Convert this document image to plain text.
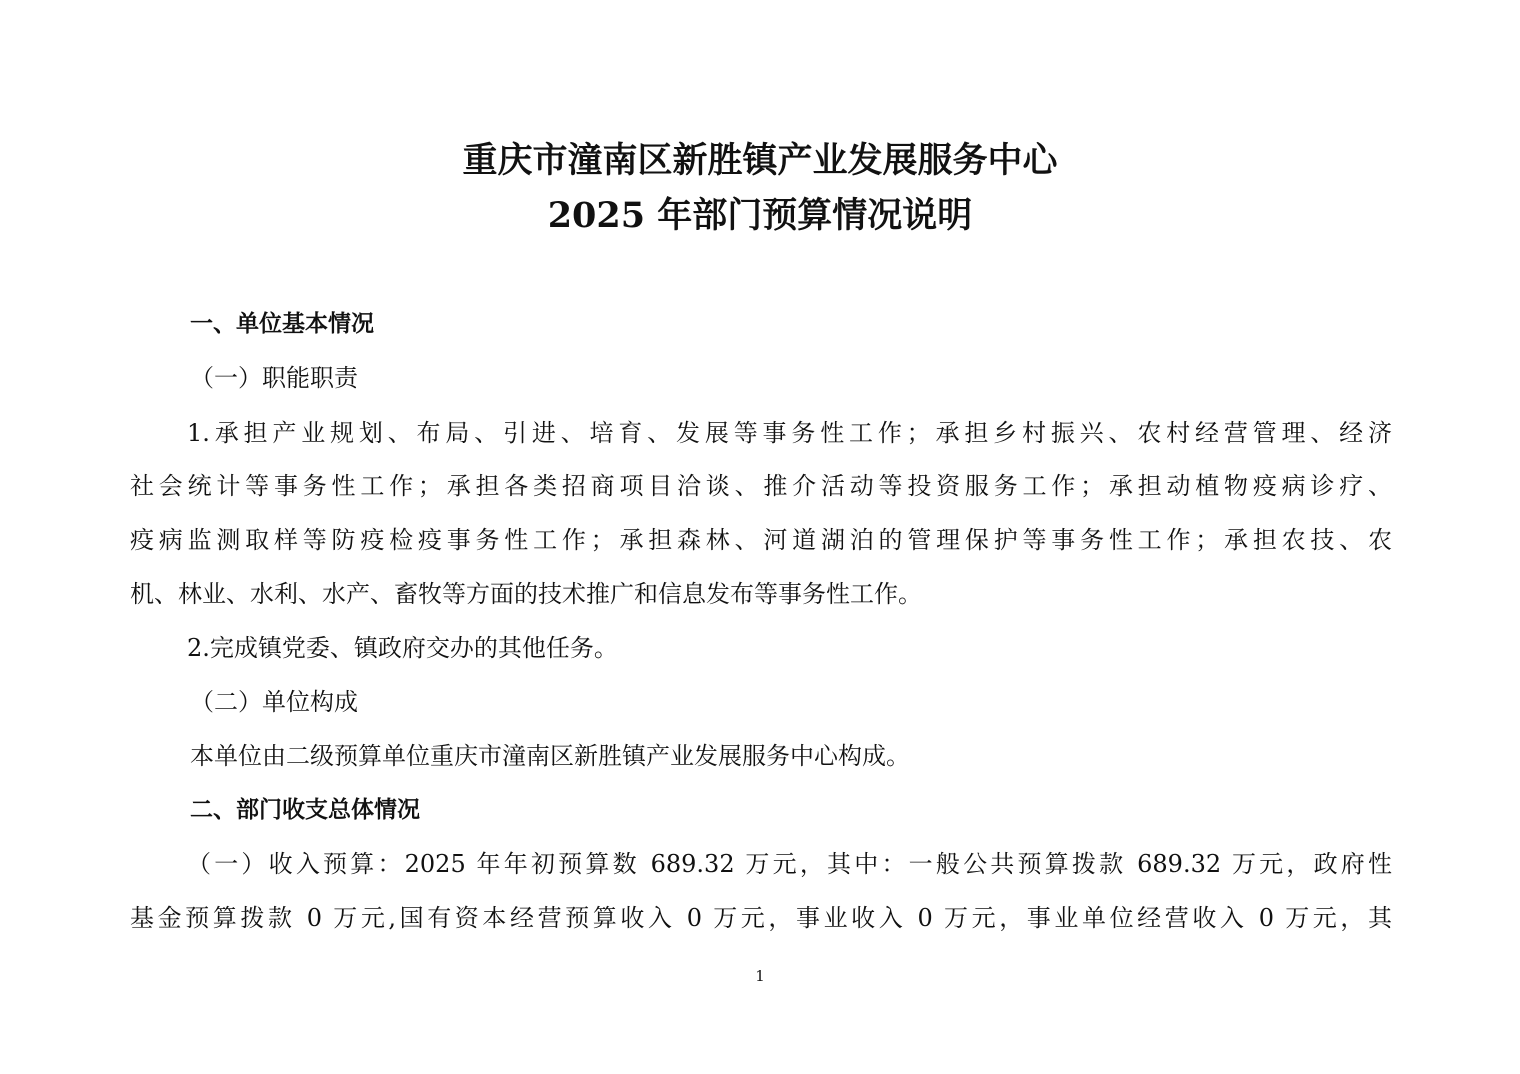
重庆市潼南区新胜镇产业发展服务中心
2025 年部门预算情况说明
一、单位基本情况
（一）职能职责
1.承担产业规划、布局、引进、培育、发展等事务性工作；承担乡村振兴、农村经营管理、经济
社会统计等事务性工作；承担各类招商项目洽谈、推介活动等投资服务工作；承担动植物疫病诊疗、
疫病监测取样等防疫检疫事务性工作；承担森林、河道湖泊的管理保护等事务性工作；承担农技、农
机、林业、水利、水产、畜牧等方面的技术推广和信息发布等事务性工作。
2.完成镇党委、镇政府交办的其他任务。
（二）单位构成
本单位由二级预算单位重庆市潼南区新胜镇产业发展服务中心构成。
二、部门收支总体情况
（一）收入预算：2025 年年初预算数 689.32 万元，其中：一般公共预算拨款 689.32 万元，政府性
基金预算拨款 0 万元,国有资本经营预算收入 0 万元，事业收入 0 万元，事业单位经营收入 0 万元，其
1
